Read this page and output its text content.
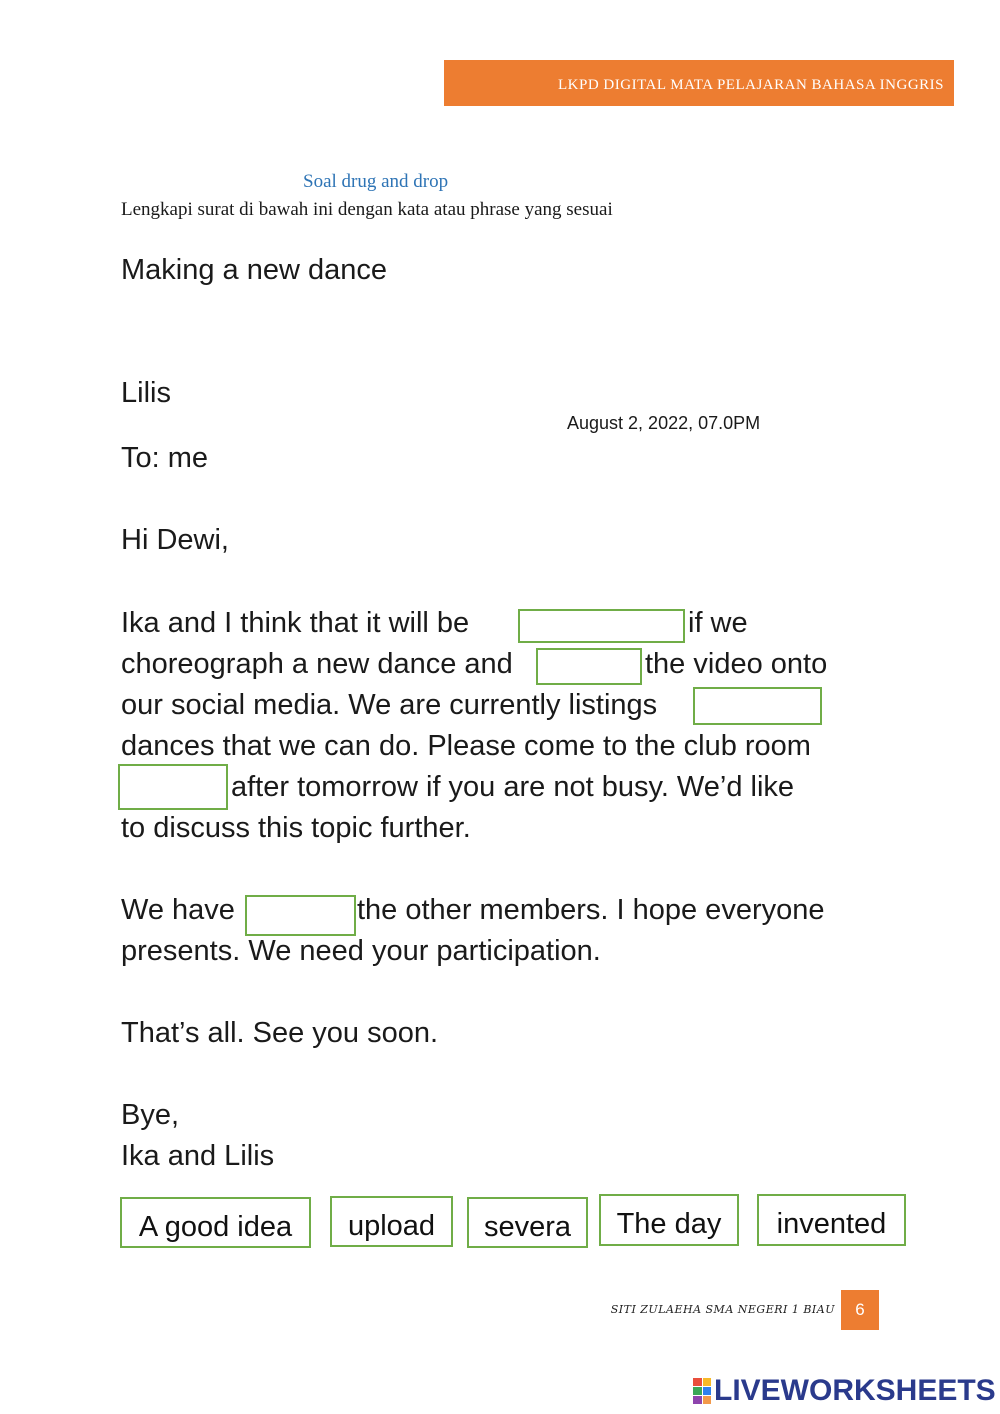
LKPD DIGITAL MATA PELAJARAN BAHASA INGGRIS
Soal drug and drop
Lengkapi surat di bawah ini dengan kata atau phrase yang sesuai
Making a new dance
Lilis
August 2, 2022, 07.0PM
To: me
Hi Dewi,
Ika and I think that it will be	if we
choreograph a new dance and	the video onto
our social media. We are currently listings
dances that we can do. Please come to the club room
after tomorrow if you are not busy. We’d like
to discuss this topic further.
We have	the other members. I hope everyone
presents. We need your participation.
That’s all. See you soon.
Bye,
Ika and Lilis
A good idea	upload	severa	The day	invented
SITI ZULAEHA SMA NEGERI 1 BIAU	6
LIVEWORKSHEETS
